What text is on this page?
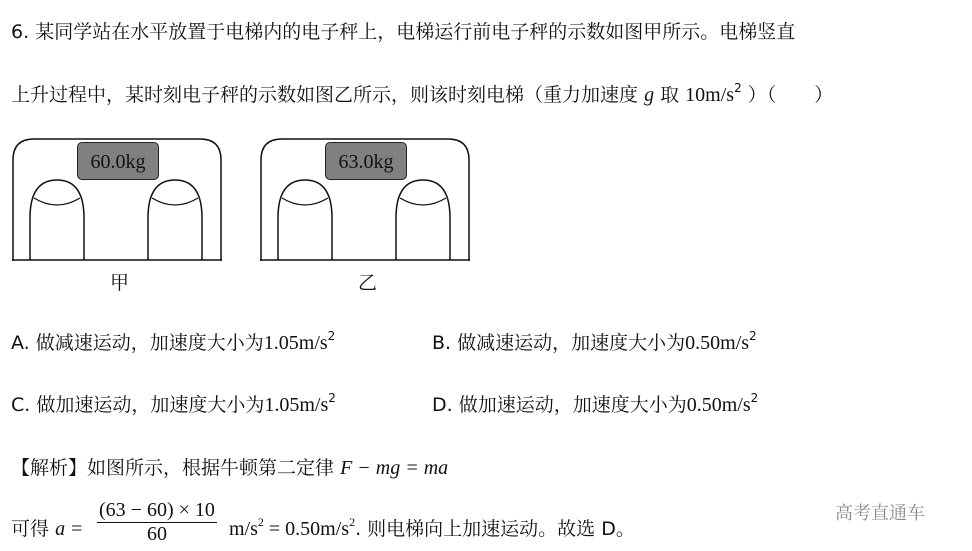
6. 某同学站在水平放置于电梯内的电子秤上，电梯运行前电子秤的示数如图甲所示。电梯竖直
上升过程中，某时刻电子秤的示数如图乙所示，则该时刻电梯（重力加速度 g 取 $10m/s^2$ ）（　　）
60.0kg
甲
63.0kg
乙
A. 做减速运动，加速度大小为$1.05m/s^2$	B. 做减速运动，加速度大小为$0.50m/s^2$
C. 做加速运动，加速度大小为$1.05m/s^2$	D. 做加速运动，加速度大小为$0.50m/s^2$
【解析】如图所示，根据牛顿第二定律 F − mg = ma
可得 $a = \frac{(63 - 60) \times 10}{60} m/s^2 = 0.50m/s^2$. 则电梯向上加速运动。故选 D。
高考直通车
